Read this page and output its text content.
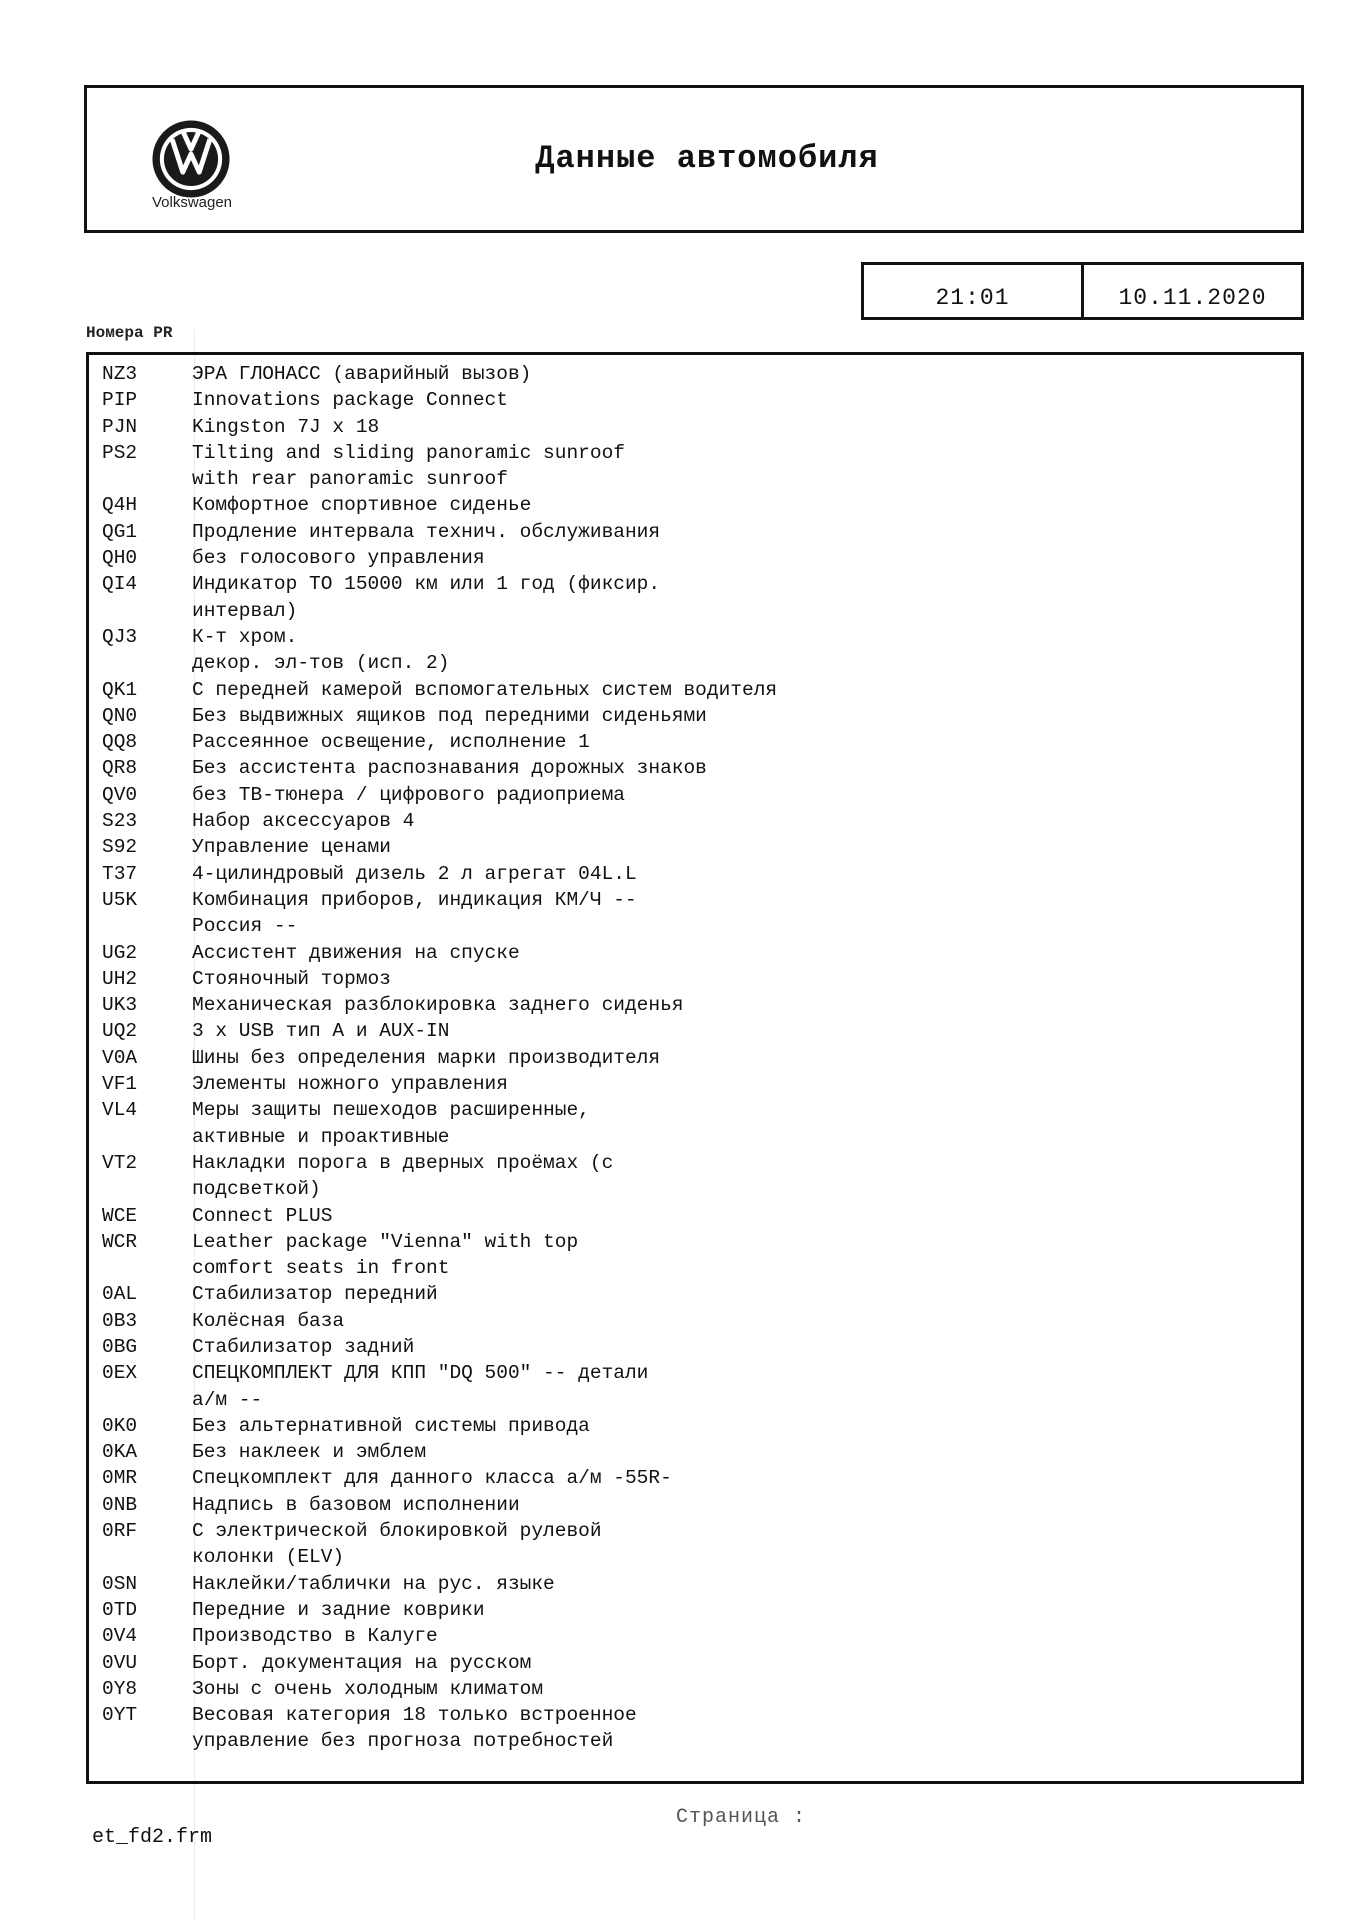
Volkswagen
Данные автомобиля
21:01	10.11.2020
Номера PR
NZ3	ЭРА ГЛОНАСС (аварийный вызов)
PIP	Innovations package Connect
PJN	Kingston 7J x 18
PS2	Tilting and sliding panoramic sunroof
with rear panoramic sunroof
Q4H	Комфортное спортивное сиденье
QG1	Продление интервала технич. обслуживания
QH0	без голосового управления
QI4	Индикатор ТО 15000 км или 1 год (фиксир.
интервал)
QJ3	К-т хром.
декор. эл-тов (исп. 2)
QK1	С передней камерой вспомогательных систем водителя
QN0	Без выдвижных ящиков под передними сиденьями
QQ8	Рассеянное освещение, исполнение 1
QR8	Без ассистента распознавания дорожных знаков
QV0	без ТВ-тюнера / цифрового радиоприема
S23	Набор аксессуаров 4
S92	Управление ценами
T37	4-цилиндровый дизель 2 л агрегат 04L.L
U5K	Комбинация приборов, индикация КМ/Ч --
Россия --
UG2	Ассистент движения на спуске
UH2	Стояночный тормоз
UK3	Механическая разблокировка заднего сиденья
UQ2	3 x USB тип A и AUX-IN
V0A	Шины без определения марки производителя
VF1	Элементы ножного управления
VL4	Меры защиты пешеходов расширенные,
активные и проактивные
VT2	Накладки порога в дверных проёмах (с
подсветкой)
WCE	Connect PLUS
WCR	Leather package "Vienna" with top
comfort seats in front
0AL	Стабилизатор передний
0B3	Колёсная база
0BG	Стабилизатор задний
0EX	СПЕЦКОМПЛЕКТ ДЛЯ КПП "DQ 500" -- детали
а/м --
0K0	Без альтернативной системы привода
0KA	Без наклеек и эмблем
0MR	Спецкомплект для данного класса а/м -55R-
0NB	Надпись в базовом исполнении
0RF	С электрической блокировкой рулевой
колонки (ELV)
0SN	Наклейки/таблички на рус. языке
0TD	Передние и задние коврики
0V4	Производство в Калуге
0VU	Борт. документация на русском
0Y8	Зоны с очень холодным климатом
0YT	Весовая категория 18 только встроенное
управление без прогноза потребностей
Страница :
et_fd2.frm
